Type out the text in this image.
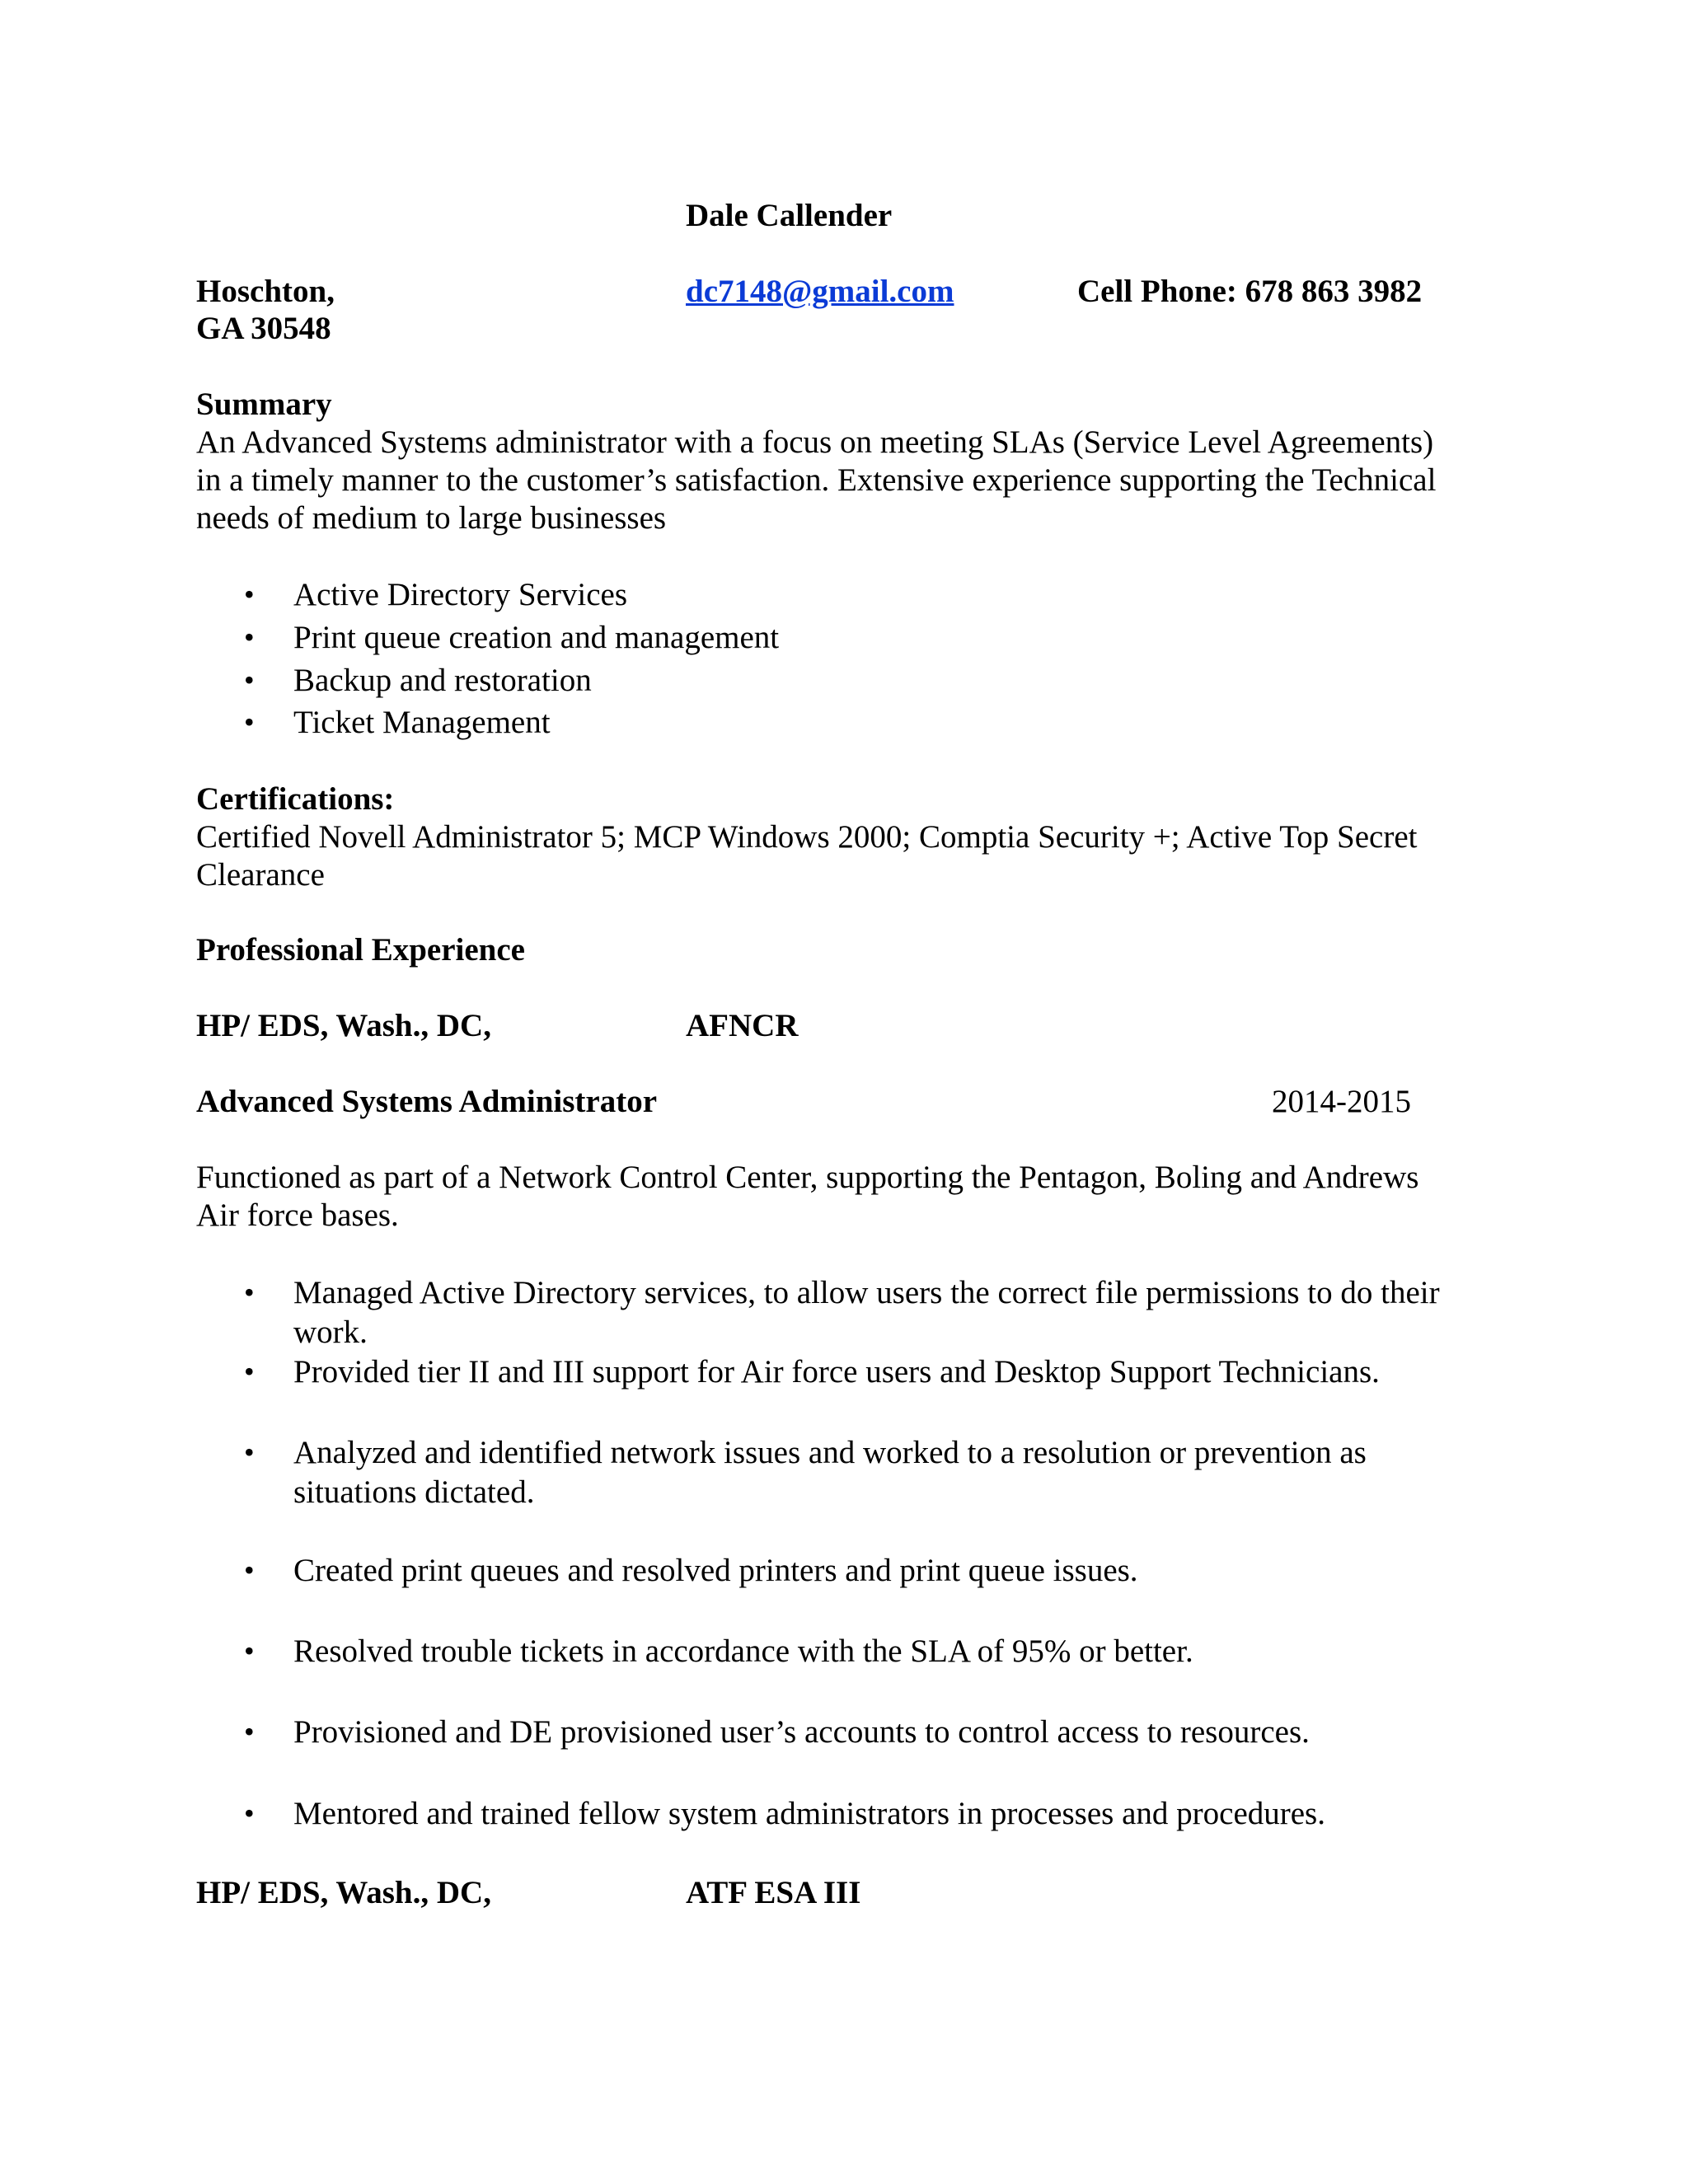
Dale Callender
Hoschton,
GA 30548
dc7148@gmail.com	Cell Phone: 678 863 3982
Summary
An Advanced Systems administrator with a focus on meeting SLAs (Service Level Agreements)
in a timely manner to the customer’s satisfaction. Extensive experience supporting the Technical
needs of medium to large businesses
• Active Directory Services
• Print queue creation and management
• Backup and restoration
• Ticket Management
Certifications:
Certified Novell Administrator 5; MCP Windows 2000; Comptia Security +; Active Top Secret
Clearance
Professional Experience
HP/ EDS, Wash., DC,	AFNCR
Advanced Systems Administrator	2014-2015
Functioned as part of a Network Control Center, supporting the Pentagon, Boling and Andrews
Air force bases.
• Managed Active Directory services, to allow users the correct file permissions to do their
work.
• Provided tier II and III support for Air force users and Desktop Support Technicians.
• Analyzed and identified network issues and worked to a resolution or prevention as
situations dictated.
• Created print queues and resolved printers and print queue issues.
• Resolved trouble tickets in accordance with the SLA of 95% or better.
• Provisioned and DE provisioned user’s accounts to control access to resources.
• Mentored and trained fellow system administrators in processes and procedures.
HP/ EDS, Wash., DC,	ATF ESA III
